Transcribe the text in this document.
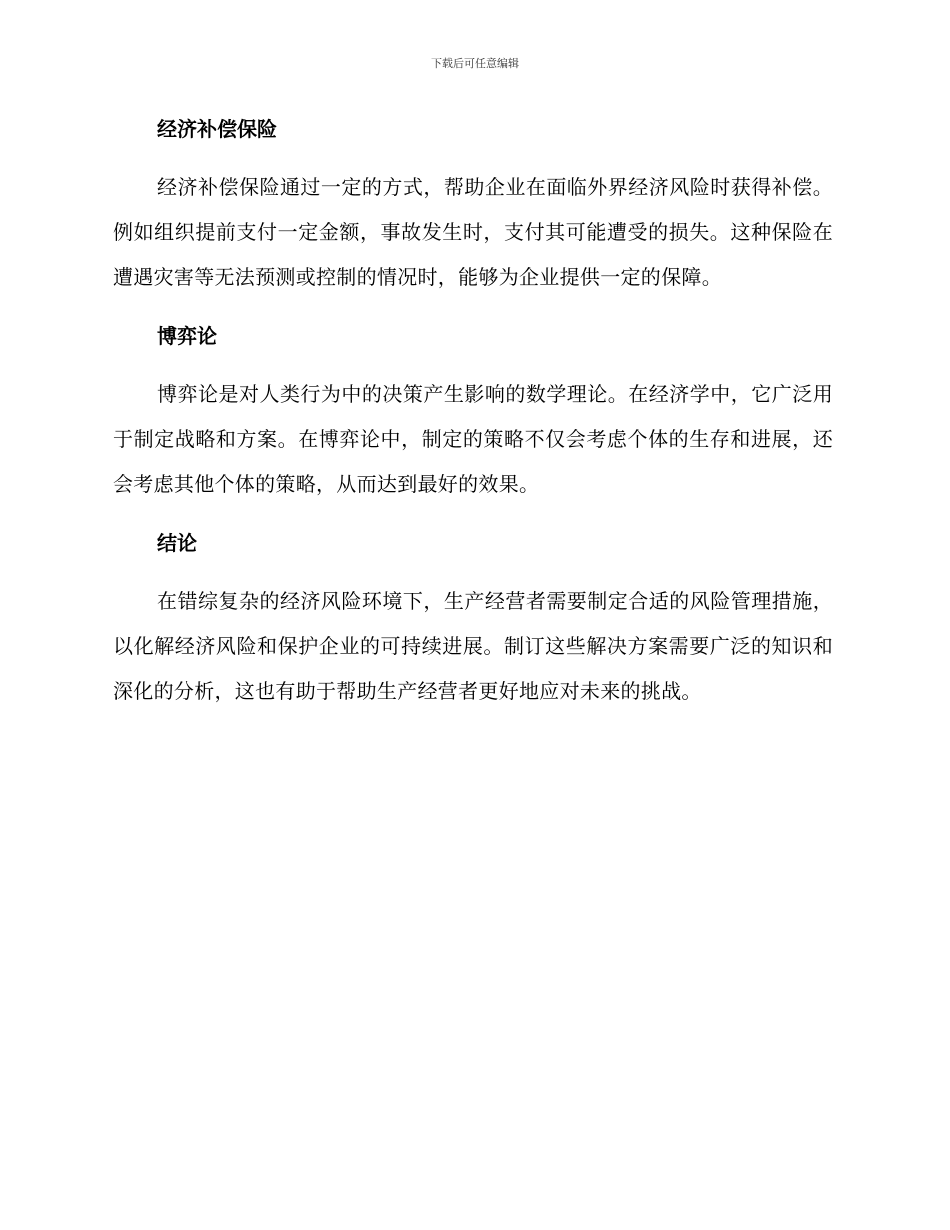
下载后可任意编辑
经济补偿保险

经济补偿保险通过一定的方式，帮助企业在面临外界经济风险时获得补偿。例如组织提前支付一定金额，事故发生时，支付其可能遭受的损失。这种保险在遭遇灾害等无法预测或控制的情况时，能够为企业提供一定的保障。

博弈论

博弈论是对人类行为中的决策产生影响的数学理论。在经济学中，它广泛用于制定战略和方案。在博弈论中，制定的策略不仅会考虑个体的生存和进展，还会考虑其他个体的策略，从而达到最好的效果。

结论

在错综复杂的经济风险环境下，生产经营者需要制定合适的风险管理措施，以化解经济风险和保护企业的可持续进展。制订这些解决方案需要广泛的知识和深化的分析，这也有助于帮助生产经营者更好地应对未来的挑战。
